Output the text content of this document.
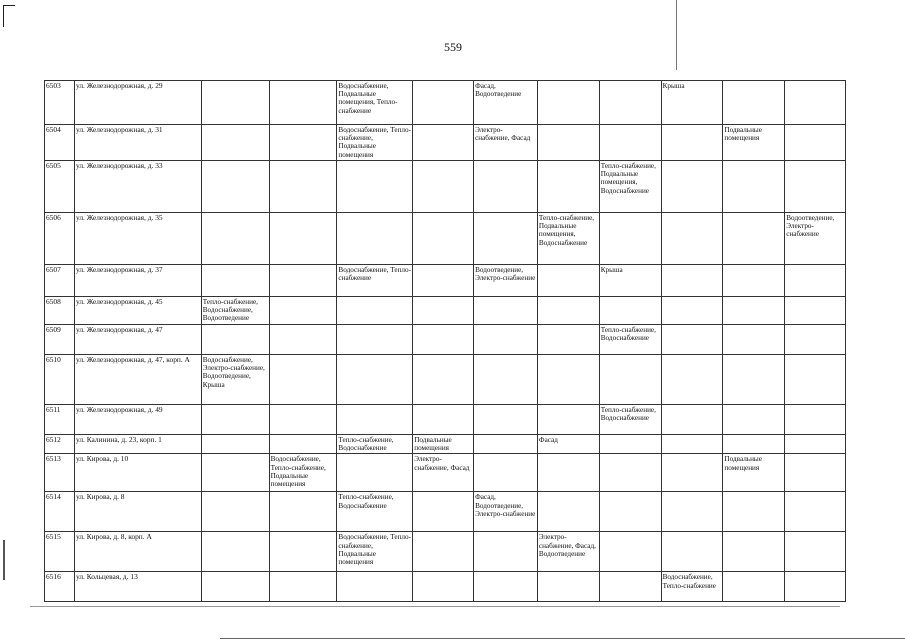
559
6503	ул. Железнодорожная, д. 29			Водоснабжение, Подвальные помещения, Тепло-снабжение		Фасад, Водоотведение			Крыша		

6504	ул. Железнодорожная, д. 31			Водоснабжение, Тепло-снабжение, Подвальные помещения		Электро-снабжение, Фасад				Подвальные помещения	

6505	ул. Железнодорожная, д. 33							Тепло-снабжение, Подвальные помещения, Водоснабжение			

6506	ул. Железнодорожная, д. 35						Тепло-снабжение, Подвальные помещения, Водоснабжение				Водоотведение, Электро-снабжение

6507	ул. Железнодорожная, д. 37			Водоснабжение, Тепло-снабжение		Водоотведение, Электро-снабжение		Крыша			

6508	ул. Железнодорожная, д. 45	Тепло-снабжение, Водоснабжение, Водоотведение									

6509	ул. Железнодорожная, д. 47							Тепло-снабжение, Водоснабжение			

6510	ул. Железнодорожная, д. 47, корп. А	Водоснабжение, Электро-снабжение, Водоотведение, Крыша									

6511	ул. Железнодорожная, д. 49							Тепло-снабжение, Водоснабжение			

6512	ул. Калинина, д. 23, корп. 1			Тепло-снабжение, Водоснабжение	Подвальные помещения		Фасад				

6513	ул. Кирова, д. 10		Водоснабжение, Тепло-снабжение, Подвальные помещения		Электро-снабжение, Фасад					Подвальные помещения	

6514	ул. Кирова, д. 8			Тепло-снабжение, Водоснабжение		Фасад, Водоотведение, Электро-снабжение					

6515	ул. Кирова, д. 8, корп. А			Водоснабжение, Тепло-снабжение, Подвальные помещения			Электро-снабжение, Фасад, Водоотведение				

6516	ул. Кольцевая, д. 13								Водоснабжение, Тепло-снабжение		
